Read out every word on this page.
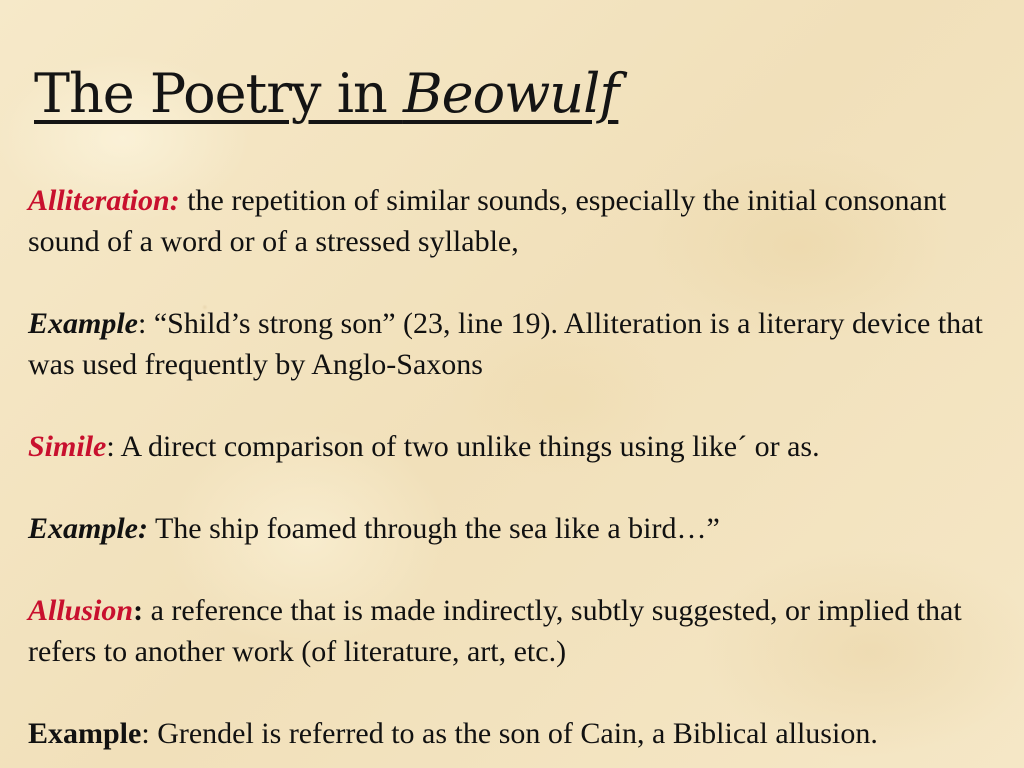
The Poetry in Beowulf

Alliteration: the repetition of similar sounds, especially the initial consonant sound of a word or of a stressed syllable,

Example: “Shild’s strong son” (23, line 19). Alliteration is a literary device that was used frequently by Anglo-Saxons

Simile: A direct comparison of two unlike things using like´ or as.

Example: The ship foamed through the sea like a bird…”

Allusion: a reference that is made indirectly, subtly suggested, or implied that refers to another work (of literature, art, etc.)

Example: Grendel is referred to as the son of Cain, a Biblical allusion.
